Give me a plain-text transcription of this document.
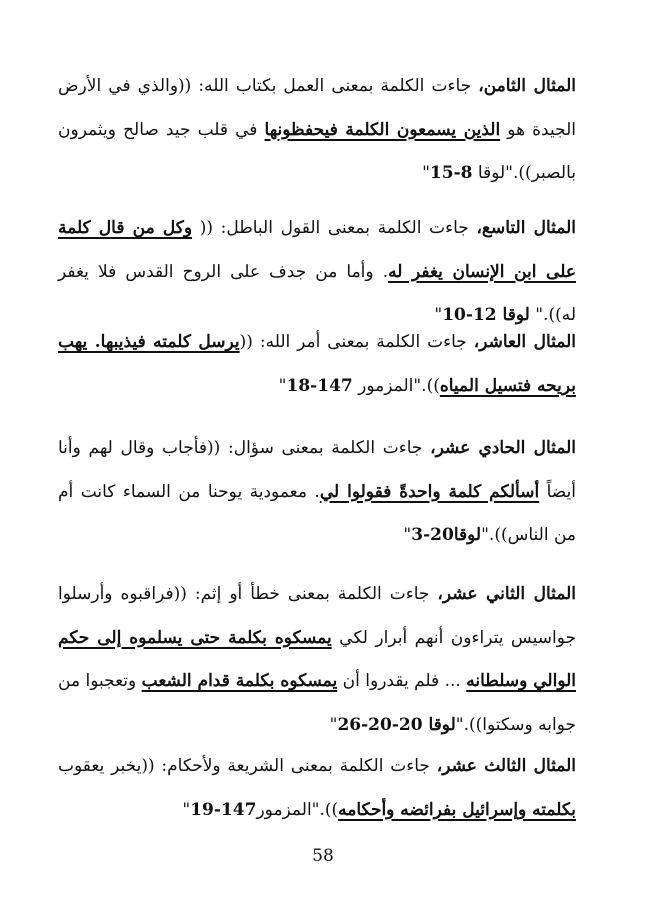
المثال الثامن، جاءت الكلمة بمعنى العمل بكتاب الله: ((والذي في الأرض الجيدة هو الذين يسمعون الكلمة فيحفظونها في قلب جيد صالح ويثمرون بالصبر))."لوقا 8-15"

المثال التاسع، جاءت الكلمة بمعنى القول الباطل: (( وكل من قال كلمة على ابن الإنسان يغفر له. وأما من جدف على الروح القدس فلا يغفر له))." لوقا 12-10"

المثال العاشر، جاءت الكلمة بمعنى أمر الله: ((يرسل كلمته فيذيبها. يهب بريحه فتسيل المياه))."المزمور 147-18"

المثال الحادي عشر، جاءت الكلمة بمعنى سؤال: ((فأجاب وقال لهم وأنا أيضاً أسألكم كلمة واحدةً فقولوا لي. معمودية يوحنا من السماء كانت أم من الناس))."لوقا20-3"

المثال الثاني عشر، جاءت الكلمة بمعنى خطأ أو إثم: ((فراقبوه وأرسلوا جواسيس يتراءون أنهم أبرار لكي يمسكوه بكلمة حتى يسلموه إلى حكم الوالي وسلطانه ... فلم يقدروا أن يمسكوه بكلمة قدام الشعب وتعجبوا من جوابه وسكتوا))."لوقا 20-20-26"

المثال الثالث عشر، جاءت الكلمة بمعنى الشريعة ولأحكام: ((يخبر يعقوب بكلمته وإسرائيل بفرائضه وأحكامه))."المزمور147-19"

58
